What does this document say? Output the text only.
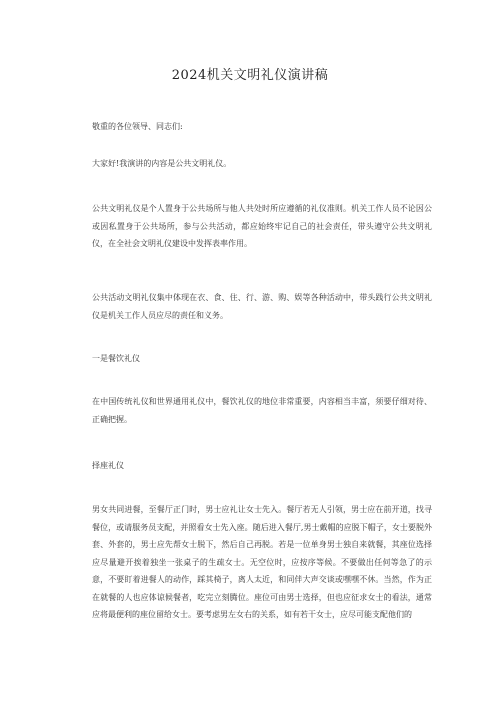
2024机关文明礼仪演讲稿

敬重的各位领导、同志们:

大家好!我演讲的内容是公共文明礼仪。

公共文明礼仪是个人置身于公共场所与他人共处时所应遵循的礼仪准则。机关工作人员不论因公或因私置身于公共场所，参与公共活动，都应始终牢记自己的社会责任，带头遵守公共文明礼仪，在全社会文明礼仪建设中发挥表率作用。

公共活动文明礼仪集中体现在衣、食、住、行、游、购、娱等各种活动中，带头践行公共文明礼仪是机关工作人员应尽的责任和义务。

一是餐饮礼仪

在中国传统礼仪和世界通用礼仪中，餐饮礼仪的地位非常重要，内容相当丰富，须要仔细对待、正确把握。

择座礼仪

男女共同进餐，至餐厅正门时，男士应礼让女士先入。餐厅若无人引领，男士应在前开道，找寻餐位，或请服务员支配，并照看女士先入座。随后进入餐厅,男士戴帽的应脱下帽子，女士要脱外套、外套的，男士应先帮女士脱下，然后自己再脱。若是一位单身男士独自来就餐，其座位选择应尽量避开挨着独坐一张桌子的生疏女士。无空位时，应按序等候。不要做出任何等急了的示意，不要盯着进餐人的动作，踩其椅子，离人太近，和同伴大声交谈或嘿嘿不休。当然，作为正在就餐的人也应体谅候餐者，吃完立刻腾位。座位可由男士选择，但也应征求女士的看法，通常应将最便利的座位留给女士。要考虑男左女右的关系，如有若干女士，应尽可能支配他们的
